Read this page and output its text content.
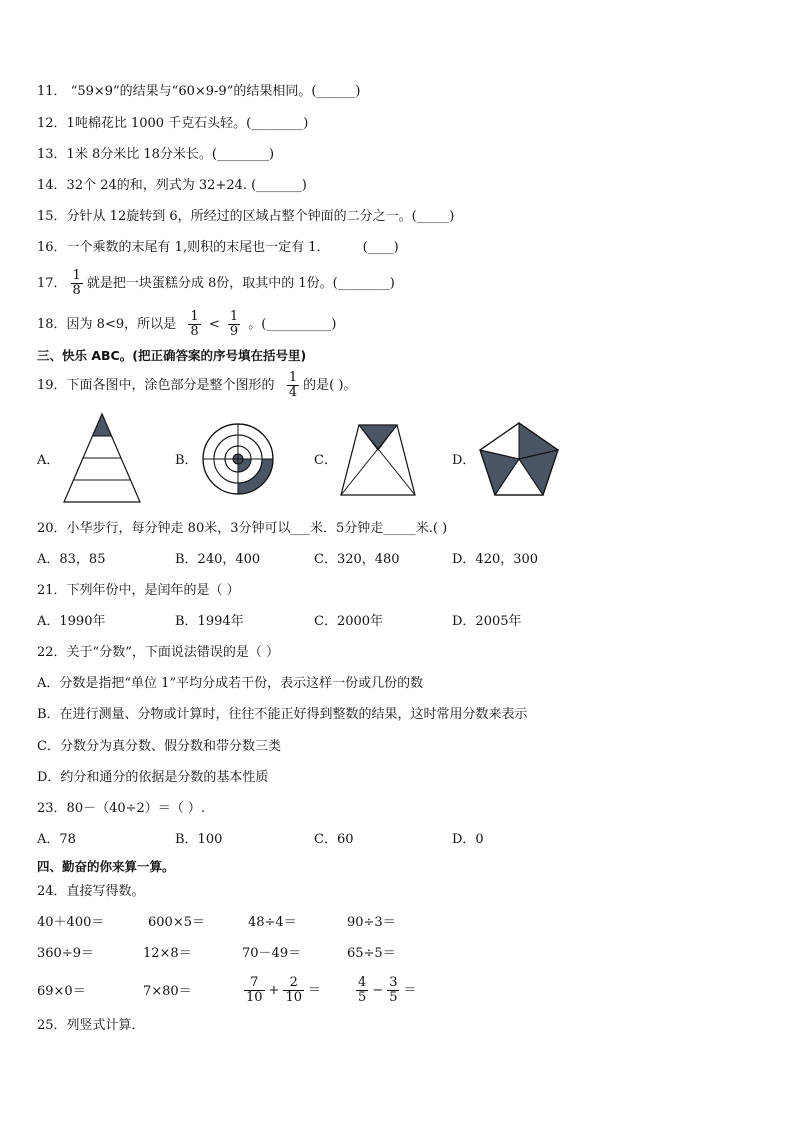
11． “59×9”的结果与“60×9-9”的结果相同。(______)
12．1吨棉花比 1000 千克石头轻。(________)
13．1米 8分米比 18分米长。(________)
14．32个 24的和，列式为 32+24. (_______)
15．分针从 12旋转到 6，所经过的区域占整个钟面的二分之一。(_____)
16．一个乘数的末尾有 1,则积的末尾也一定有 1．	(____)
17． $\frac{1}{8}$ 就是把一块蛋糕分成 8份，取其中的 1份。(________)
18．因为 8<9，所以是 $\frac{1}{8} < \frac{1}{9}$ 。(__________)
三、快乐 ABC。(把正确答案的序号填在括号里)
19．下面各图中，涂色部分是整个图形的 $\frac{1}{4}$ 的是( )。
A．	B．	C．	D．
20．小华步行，每分钟走 80米，3分钟可以___米．5分钟走_____米.( )
A．83，85	B．240，400	C．320，480	D．420，300
21．下列年份中，是闰年的是（ ）
A．1990年	B．1994年	C．2000年	D．2005年
22．关于“分数”，下面说法错误的是（ ）
A．分数是指把“单位 1”平均分成若干份，表示这样一份或几份的数
B．在进行测量、分物或计算时，往往不能正好得到整数的结果，这时常用分数来表示
C．分数分为真分数、假分数和带分数三类
D．约分和通分的依据是分数的基本性质
23．80－（40÷2）＝（ ）.
A．78	B．100	C．60	D．0
四、勤奋的你来算一算。
24．直接写得数。
40＋400＝	600×5＝	48÷4＝	90÷3＝
360÷9＝	12×8＝	70－49＝	65÷5＝
69×0＝	7×80＝	$\frac{7}{10} + \frac{2}{10}$ ＝	$\frac{4}{5} - \frac{3}{5}$ ＝
25．列竖式计算．
